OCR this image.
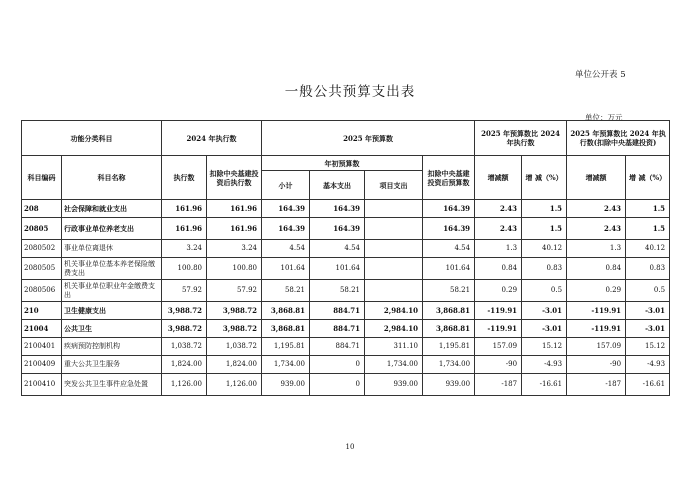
单位公开表 5
一般公共预算支出表
单位：万元
功能分类科目		2024 年执行数		2025 年预算数				2025 年预算数比 2024 年执行数		2025 年预算数比 2024 年执行数(扣除中央基建投资)	
科目编码	科目名称	执行数	扣除中央基建投资后执行数	年初预算数			扣除中央基建投资后预算数	增减额	增 减（%）	增减额	增 减（%）
				小计	基本支出	项目支出					
208	社会保障和就业支出	161.96	161.96	164.39	164.39		164.39	2.43	1.5	2.43	1.5
20805	行政事业单位养老支出	161.96	161.96	164.39	164.39		164.39	2.43	1.5	2.43	1.5
2080502	事业单位离退休	3.24	3.24	4.54	4.54		4.54	1.3	40.12	1.3	40.12
2080505	机关事业单位基本养老保险缴费支出	100.80	100.80	101.64	101.64		101.64	0.84	0.83	0.84	0.83
2080506	机关事业单位职业年金缴费支出	57.92	57.92	58.21	58.21		58.21	0.29	0.5	0.29	0.5
210	卫生健康支出	3,988.72	3,988.72	3,868.81	884.71	2,984.10	3,868.81	-119.91	-3.01	-119.91	-3.01
21004	公共卫生	3,988.72	3,988.72	3,868.81	884.71	2,984.10	3,868.81	-119.91	-3.01	-119.91	-3.01
2100401	疾病预防控制机构	1,038.72	1,038.72	1,195.81	884.71	311.10	1,195.81	157.09	15.12	157.09	15.12
2100409	重大公共卫生服务	1,824.00	1,824.00	1,734.00	0	1,734.00	1,734.00	-90	-4.93	-90	-4.93
2100410	突发公共卫生事件应急处置	1,126.00	1,126.00	939.00	0	939.00	939.00	-187	-16.61	-187	-16.61
10
